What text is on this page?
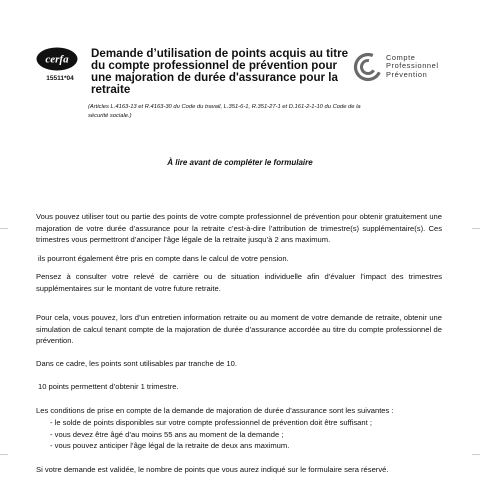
cerfa
15511*04
Demande d’utilisation de points acquis au titre du compte professionnel de prévention pour une majoration de durée d'assurance pour la retraite

(Articles L.4163-13 et R.4163-30 du Code du travail, L.351-6-1, R.351-27-1 et D.161-2-1-10 du Code de la sécurité sociale.)

Compte
Professionnel
Prévention
À lire avant de compléter le formulaire

Vous pouvez utiliser tout ou partie des points de votre compte professionnel de prévention pour obtenir gratuitement une majoration de votre durée d’assurance pour la retraite c’est-à-dire l’attribution de trimestre(s) supplémentaire(s). Ces trimestres vous permettront d’anciper l’âge légale de la retraite jusqu’à 2 ans maximum.

ils pourront également être pris en compte dans le calcul de votre pension.

Pensez à consulter votre relevé de carrière ou de situation individuelle afin d’évaluer l’impact des trimestres supplémentaires sur le montant de votre future retraite.

Pour cela, vous pouvez, lors d’un entretien information retraite ou au moment de votre demande de retraite, obtenir une simulation de calcul tenant compte de la majoration de durée d’assurance accordée au titre du compte professionnel de prévention.

Dans ce cadre, les points sont utilisables par tranche de 10.

10 points permettent d’obtenir 1 trimestre.

Les conditions de prise en compte de la demande de majoration de durée d’assurance sont les suivantes :

- le solde de points disponibles sur votre compte professionnel de prévention doit être suffisant ;
- vous devez être âgé d’au moins 55 ans au moment de la demande ;
- vous pouvez anticiper l’âge légal de la retraite de deux ans maximum.

Si votre demande est validée, le nombre de points que vous aurez indiqué sur le formulaire sera réservé.
